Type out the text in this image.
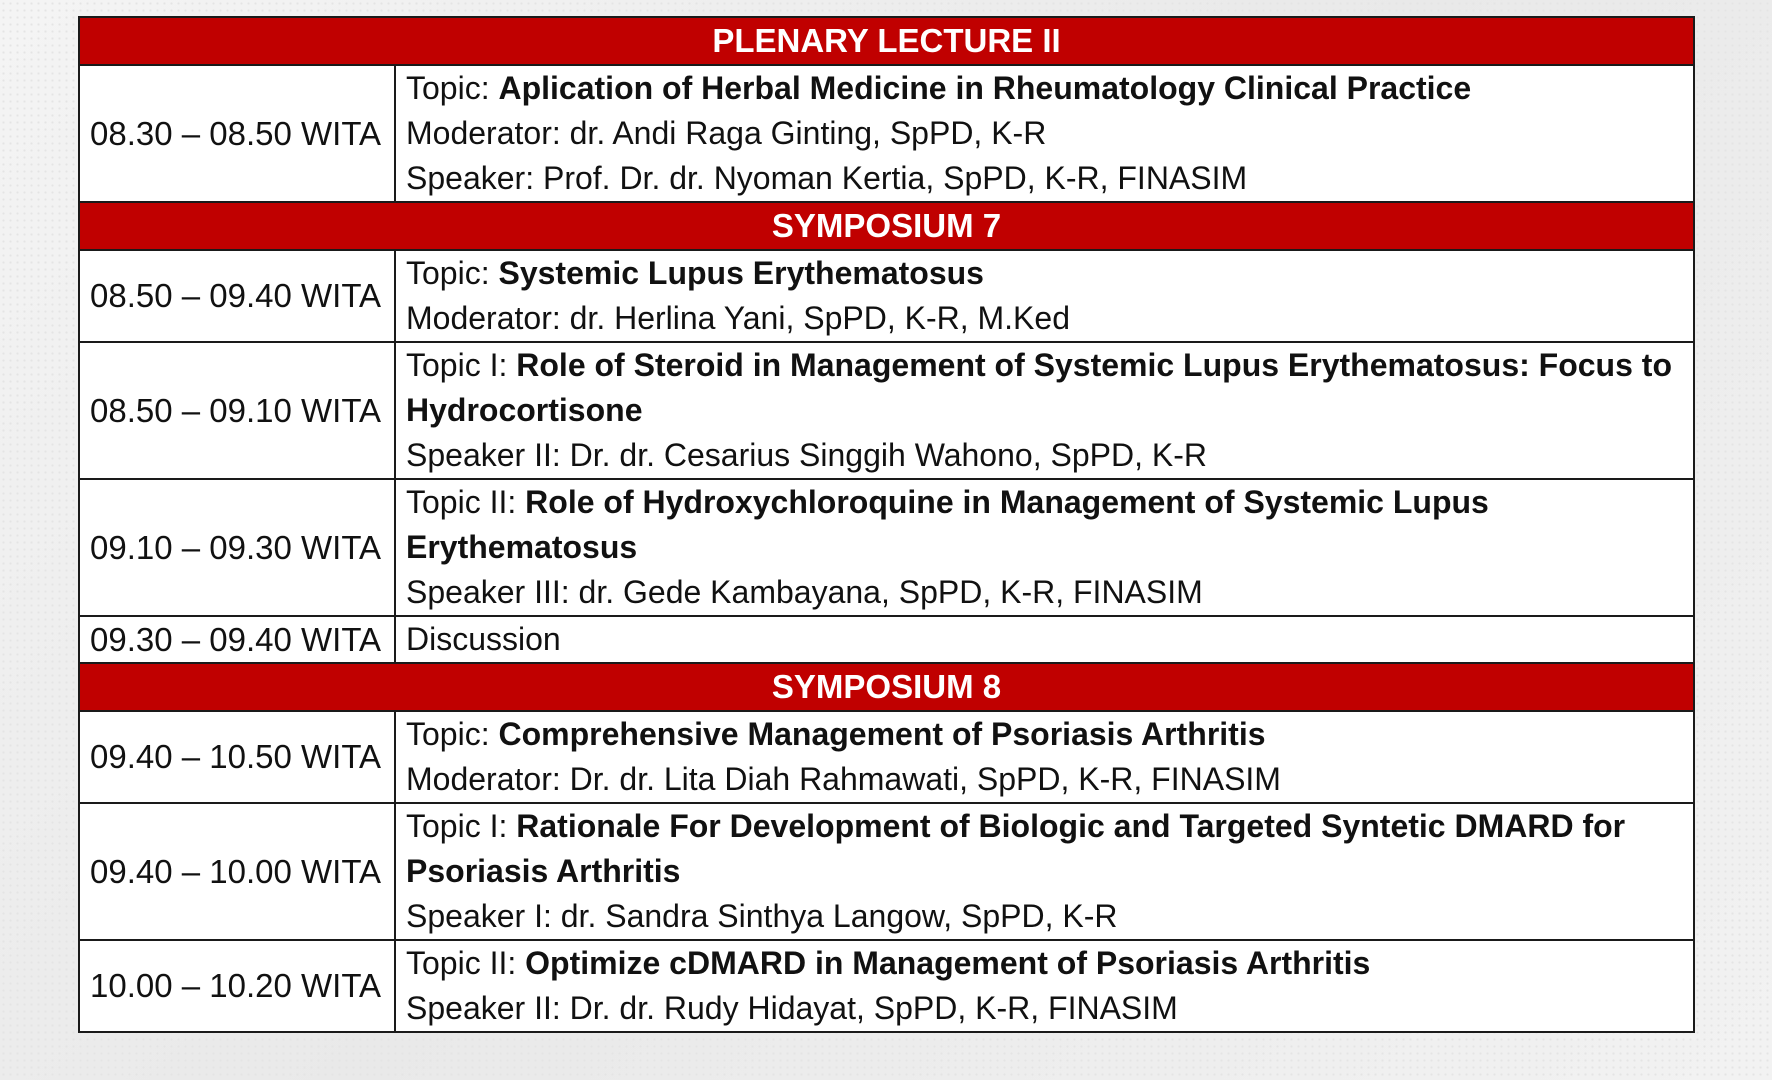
PLENARY LECTURE II	
08.30 – 08.50 WITA	Topic: Aplication of Herbal Medicine in Rheumatology Clinical Practice
Moderator: dr. Andi Raga Ginting, SpPD, K-R
Speaker: Prof. Dr. dr. Nyoman Kertia, SpPD, K-R, FINASIM

SYMPOSIUM 7	
08.50 – 09.40 WITA	Topic: Systemic Lupus Erythematosus
Moderator: dr. Herlina Yani, SpPD, K-R, M.Ked

08.50 – 09.10 WITA	Topic I: Role of Steroid in Management of Systemic Lupus Erythematosus: Focus to Hydrocortisone
Speaker II: Dr. dr. Cesarius Singgih Wahono, SpPD, K-R

09.10 – 09.30 WITA	Topic II: Role of Hydroxychloroquine in Management of Systemic Lupus Erythematosus
Speaker III: dr. Gede Kambayana, SpPD, K-R, FINASIM

09.30 – 09.40 WITA	Discussion

SYMPOSIUM 8	
09.40 – 10.50 WITA	Topic: Comprehensive Management of Psoriasis Arthritis
Moderator: Dr. dr. Lita Diah Rahmawati, SpPD, K-R, FINASIM

09.40 – 10.00 WITA	Topic I: Rationale For Development of Biologic and Targeted Syntetic DMARD for Psoriasis Arthritis
Speaker I: dr. Sandra Sinthya Langow, SpPD, K-R

10.00 – 10.20 WITA	Topic II: Optimize cDMARD in Management of Psoriasis Arthritis
Speaker II: Dr. dr. Rudy Hidayat, SpPD, K-R, FINASIM
